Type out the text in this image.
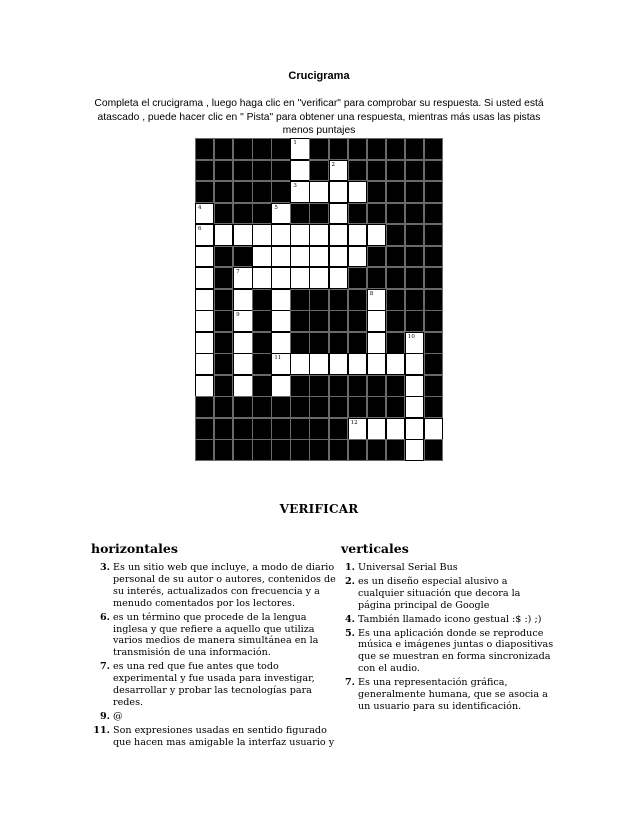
Crucigrama
Completa el crucigrama , luego haga clic en "verificar" para comprobar su respuesta. Si usted está atascado , puede hacer clic en " Pista" para obtener una respuesta, mientras más usas las pistas menos puntajes
1
2
3
4	5
6
7
8
9
10
11
12
VERIFICAR
horizontales
3. Es un sitio web que incluye, a modo de diario personal de su autor o autores, contenidos de su interés, actualizados con frecuencia y a menudo comentados por los lectores.
6. es un término que procede de la lengua inglesa y que refiere a aquello que utiliza varios medios de manera simultánea en la transmisión de una información.
7. es una red que fue antes que todo experimental y fue usada para investigar, desarrollar y probar las tecnologías para redes.
9. @
11. Son expresiones usadas en sentido figurado que hacen mas amigable la interfaz usuario y
verticales
1. Universal Serial Bus
2. es un diseño especial alusivo a cualquier situación que decora la página principal de Google
4. También llamado icono gestual :$ :) ;)
5. Es una aplicación donde se reproduce música e imágenes juntas o diapositivas que se muestran en forma sincronizada con el audio.
7. Es una representación gráfica, generalmente humana, que se asocia a un usuario para su identificación.
